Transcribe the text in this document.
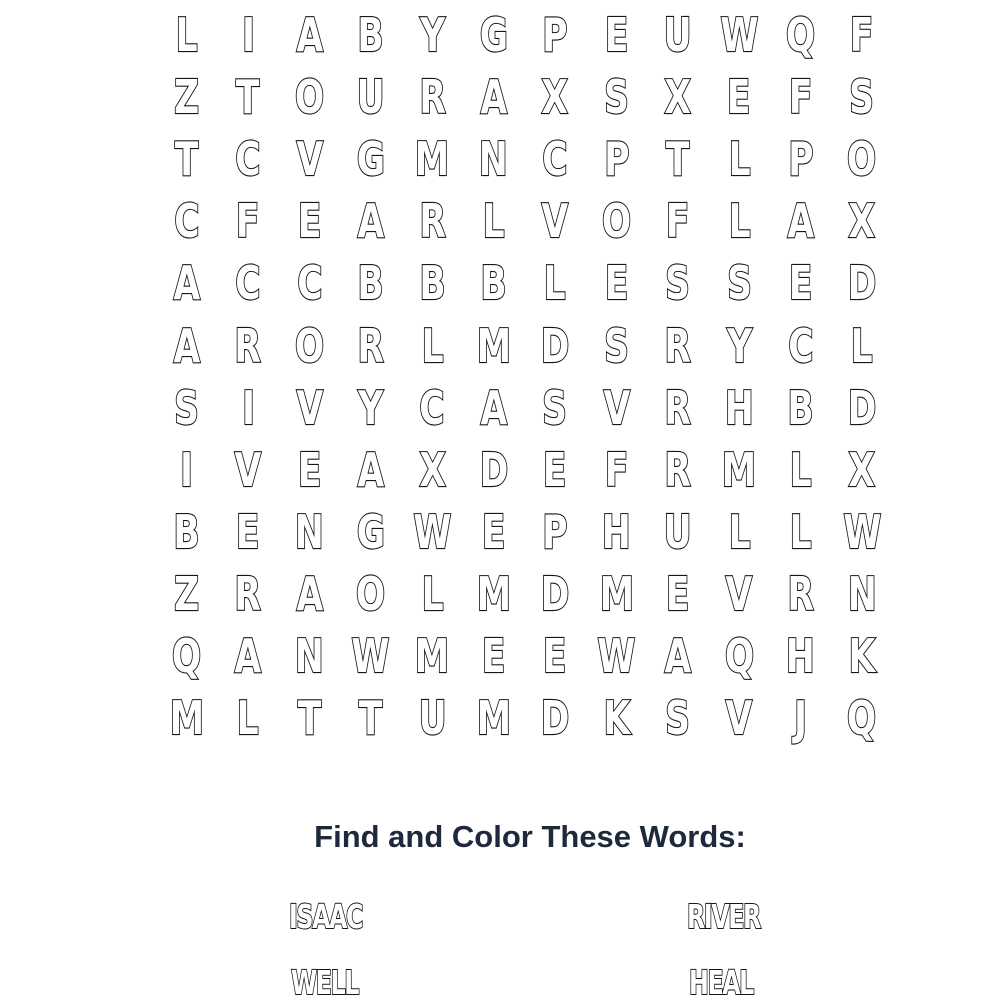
L I A B Y G P E U W Q F
Z T O U R A X S X E F S
T C V G M N C P T L P O
C F E A R L V O F L A X
A C C B B B L E S S E D
A R O R L M D S R Y C L
S I V Y C A S V R H B D
I V E A X D E F R M L X
B E N G W E P H U L L W
Z R A O L M D M E V R N
Q A N W M E E W A Q H K
M L T T U M D K S V J Q
Find and Color These Words:
ISAAC	RIVER
WELL	HEAL
